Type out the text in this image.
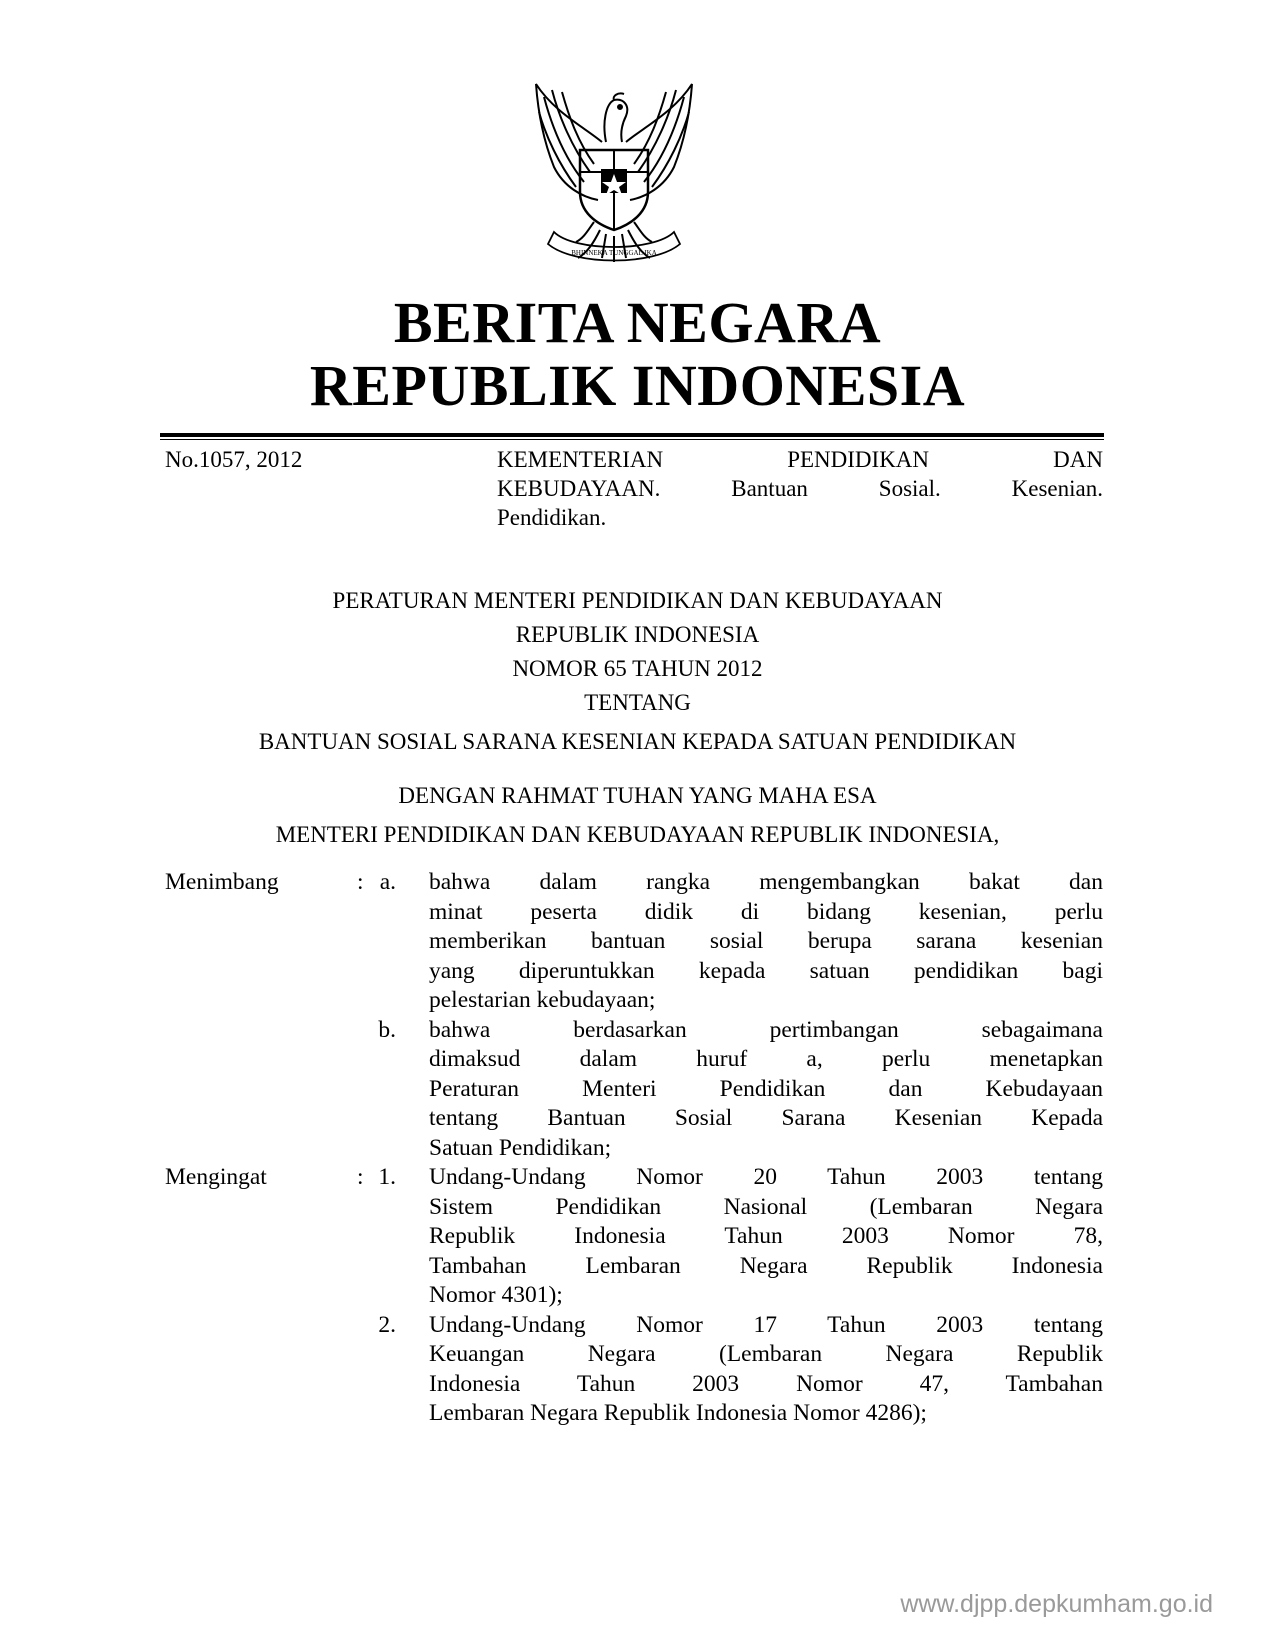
BHINNEKA TUNGGAL IKA
BERITA NEGARA
REPUBLIK INDONESIA
No.1057, 2012	KEMENTERIAN PENDIDIKAN DAN
KEBUDAYAAN. Bantuan Sosial. Kesenian.
Pendidikan.
PERATURAN MENTERI PENDIDIKAN DAN KEBUDAYAAN
REPUBLIK INDONESIA
NOMOR 65 TAHUN 2012
TENTANG
BANTUAN SOSIAL SARANA KESENIAN KEPADA SATUAN PENDIDIKAN
DENGAN RAHMAT TUHAN YANG MAHA ESA
MENTERI PENDIDIKAN DAN KEBUDAYAAN REPUBLIK INDONESIA,
Menimbang	: a. bahwa dalam rangka mengembangkan bakat dan
minat peserta didik di bidang kesenian, perlu
memberikan bantuan sosial berupa sarana kesenian
yang diperuntukkan kepada satuan pendidikan bagi
pelestarian kebudayaan;
b. bahwa berdasarkan pertimbangan sebagaimana
dimaksud dalam huruf a, perlu menetapkan
Peraturan Menteri Pendidikan dan Kebudayaan
tentang Bantuan Sosial Sarana Kesenian Kepada
Satuan Pendidikan;
Mengingat	: 1. Undang-Undang Nomor 20 Tahun 2003 tentang
Sistem Pendidikan Nasional (Lembaran Negara
Republik Indonesia Tahun 2003 Nomor 78,
Tambahan Lembaran Negara Republik Indonesia
Nomor 4301);
2. Undang-Undang Nomor 17 Tahun 2003 tentang
Keuangan Negara (Lembaran Negara Republik
Indonesia Tahun 2003 Nomor 47, Tambahan
Lembaran Negara Republik Indonesia Nomor 4286);
www.djpp.depkumham.go.id
